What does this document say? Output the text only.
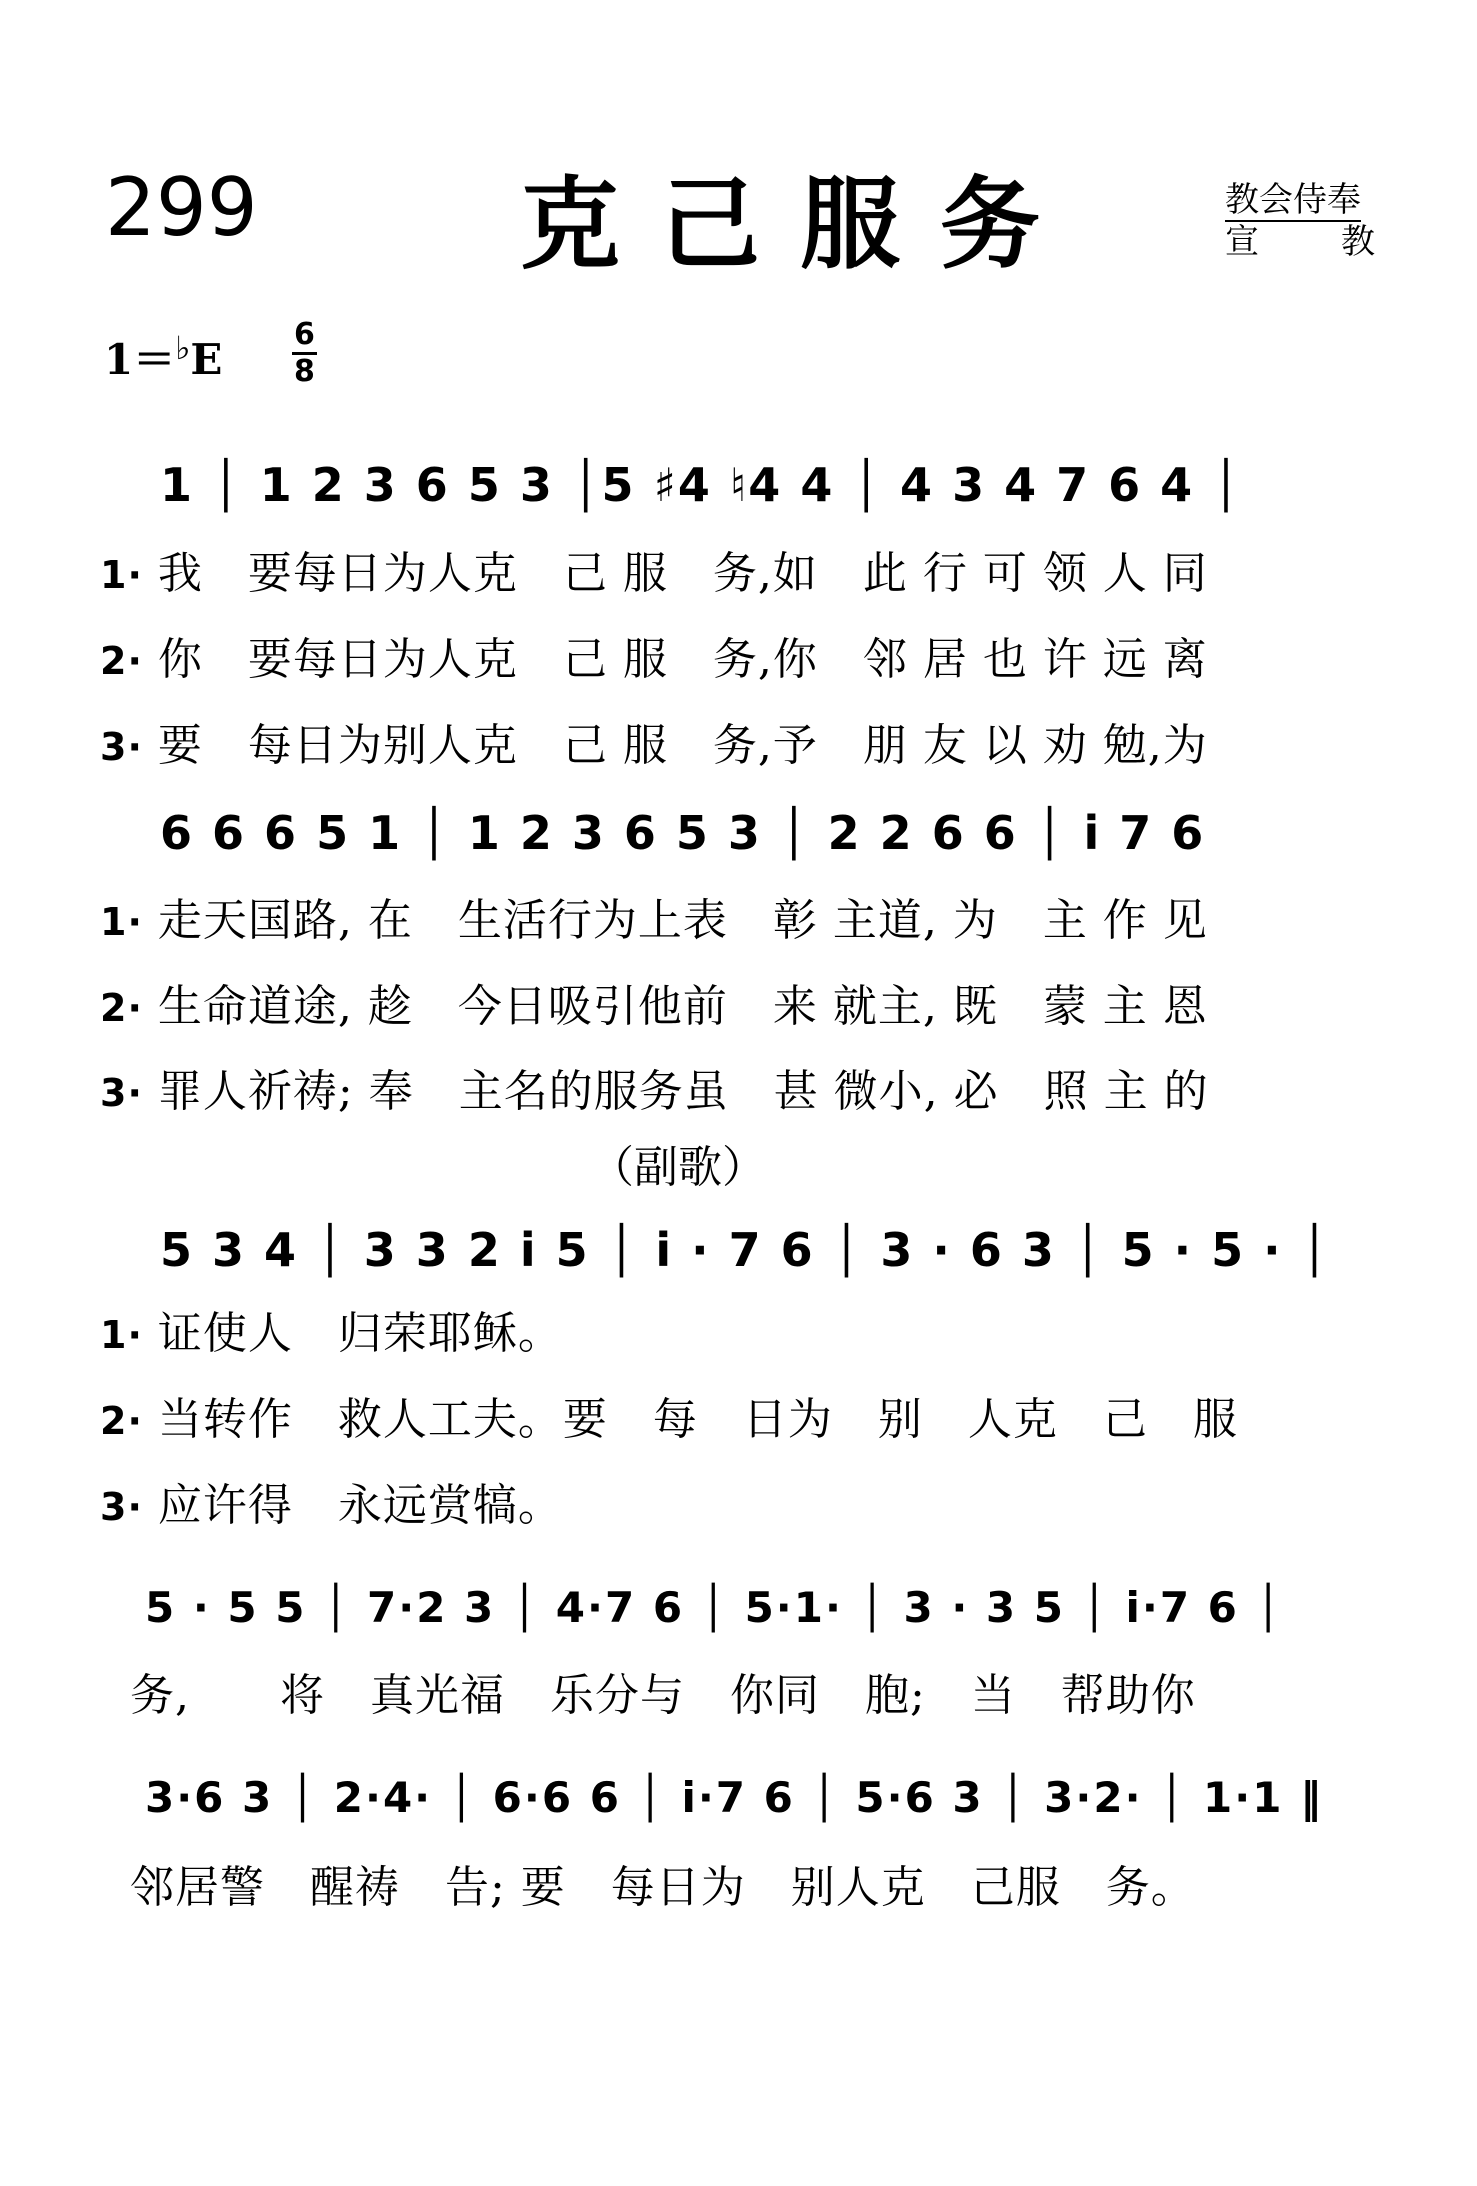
299	克己服务	教会侍奉
宣 教
1＝♭E
6
8
1 │ 1 2 3 6 5 3 │5 ♯4 ♮4 4 │ 4 3 4 7 6 4 │
1· 我　要每日为人克　己 服　务,如　此 行 可 领 人 同
2· 你　要每日为人克　己 服　务,你　邻 居 也 许 远 离
3· 要　每日为别人克　己 服　务,予　朋 友 以 劝 勉,为
6 6 6 5 1 │ 1 2 3 6 5 3 │ 2 2 6 6 │ i 7 6
1· 走天国路, 在　生活行为上表　彰 主道, 为　主 作 见
2· 生命道途, 趁　今日吸引他前　来 就主, 既　蒙 主 恩
3· 罪人祈祷; 奉　主名的服务虽　甚 微小, 必　照 主 的
（副歌）
5 3 4 │ 3 3 2 i 5 │ i · 7 6 │ 3 · 6 3 │ 5 · 5 · │
1· 证使人　归荣耶稣。
2· 当转作　救人工夫。要　每　日为　别　人克　己　服
3· 应许得　永远赏犒。
5 · 5 5 │ 7·2 3 │ 4·7 6 │ 5·1· │ 3 · 3 5 │ i·7 6 │
务,　　将　真光福　乐分与　你同　胞;　当　帮助你
3·6 3 │ 2·4· │ 6·6 6 │ i·7 6 │ 5·6 3 │ 3·2· │ 1·1 ‖
邻居警　醒祷　告; 要　每日为　别人克　己服　务。
